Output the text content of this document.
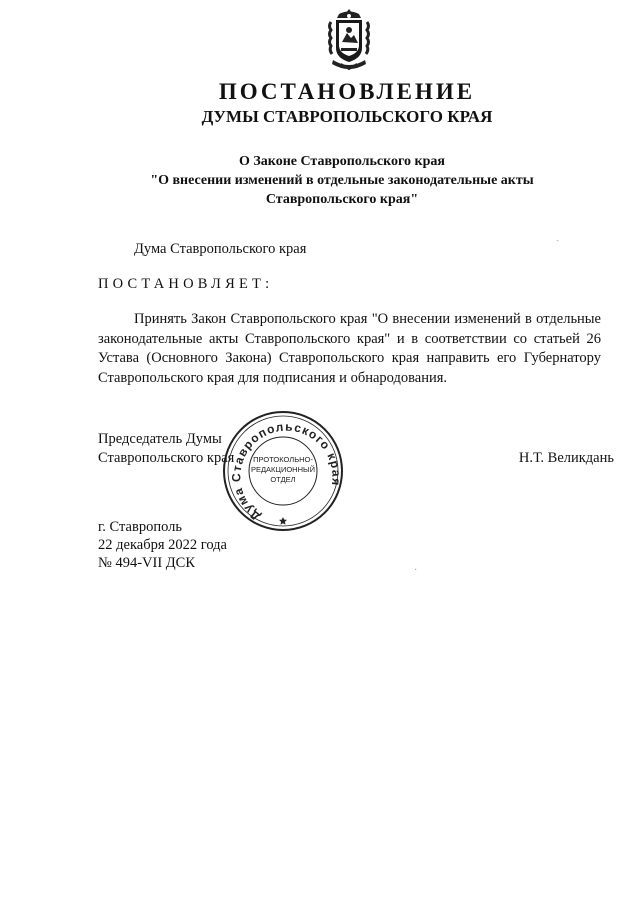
ПОСТАНОВЛЕНИЕ
ДУМЫ СТАВРОПОЛЬСКОГО КРАЯ
О Законе Ставропольского края
"О внесении изменений в отдельные законодательные акты
Ставропольского края"
Дума Ставропольского края
ПОСТАНОВЛЯЕТ:
Принять Закон Ставропольского края "О внесении изменений в отдельные законодательные акты Ставропольского края" и в соответствии со статьей 26 Устава (Основного Закона) Ставропольского края направить его Губернатору Ставропольского края для подписания и обнародования.
Председатель Думы
Ставропольского края	Н.Т. Великдань
Дума Ставропольского края
ПРОТОКОЛЬНО-
РЕДАКЦИОННЫЙ
ОТДЕЛ
г. Ставрополь
22 декабря 2022 года
№ 494-VII ДСК
ˎ
·
